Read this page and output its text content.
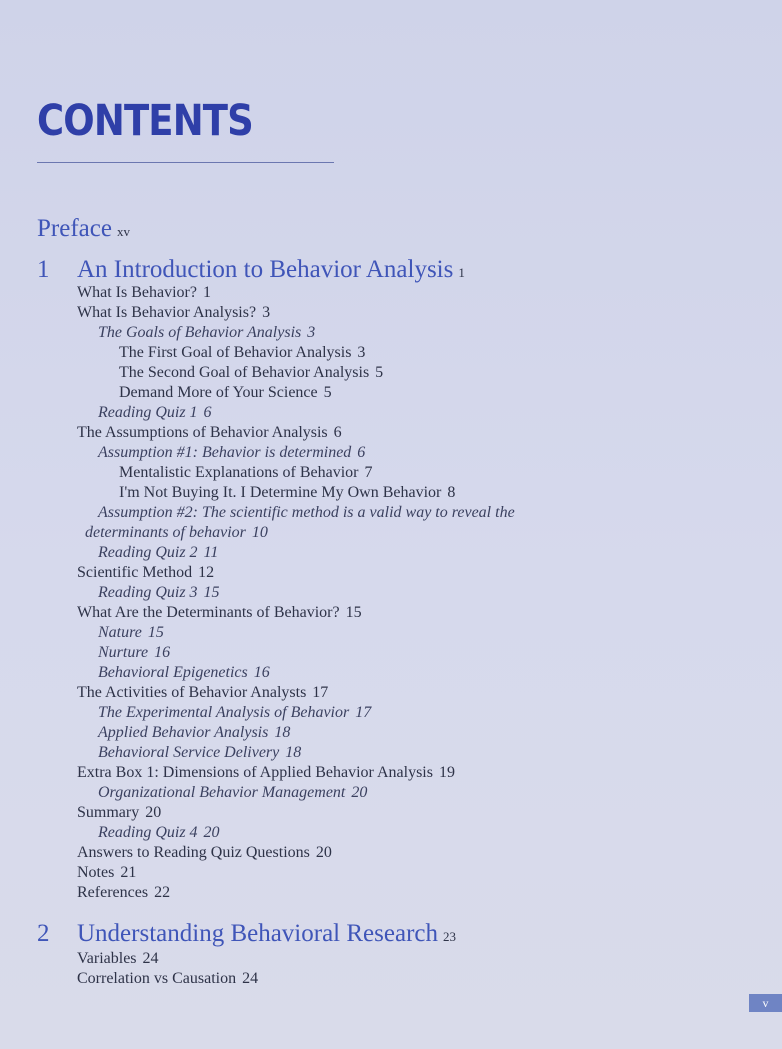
CONTENTS
Preface xv
1 An Introduction to Behavior Analysis 1
What Is Behavior? 1
What Is Behavior Analysis? 3
The Goals of Behavior Analysis 3
The First Goal of Behavior Analysis 3
The Second Goal of Behavior Analysis 5
Demand More of Your Science 5
Reading Quiz 1 6
The Assumptions of Behavior Analysis 6
Assumption #1: Behavior is determined 6
Mentalistic Explanations of Behavior 7
I'm Not Buying It. I Determine My Own Behavior 8
Assumption #2: The scientific method is a valid way to reveal the
determinants of behavior 10
Reading Quiz 2 11
Scientific Method 12
Reading Quiz 3 15
What Are the Determinants of Behavior? 15
Nature 15
Nurture 16
Behavioral Epigenetics 16
The Activities of Behavior Analysts 17
The Experimental Analysis of Behavior 17
Applied Behavior Analysis 18
Behavioral Service Delivery 18
Extra Box 1: Dimensions of Applied Behavior Analysis 19
Organizational Behavior Management 20
Summary 20
Reading Quiz 4 20
Answers to Reading Quiz Questions 20
Notes 21
References 22
2 Understanding Behavioral Research 23
Variables 24
Correlation vs Causation 24
v
